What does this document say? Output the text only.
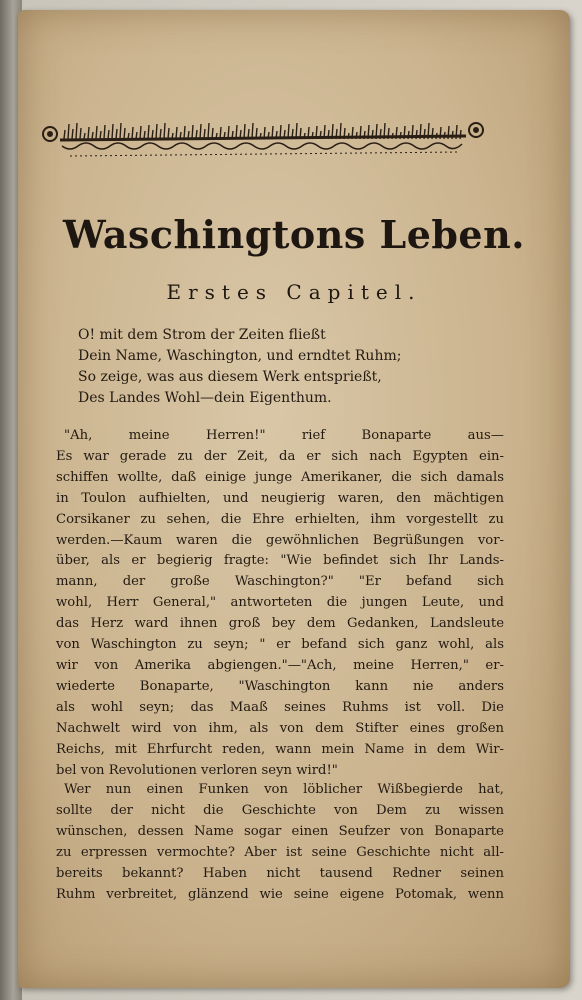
Waschingtons Leben.
Erstes Capitel.
O! mit dem Strom der Zeiten fließt
Dein Name, Waschington, und erndtet Ruhm;
So zeige, was aus diesem Werk entsprießt,
Des Landes Wohl—dein Eigenthum.
"Ah, meine Herren!" rief Bonaparte aus—
Es war gerade zu der Zeit, da er sich nach Egypten ein-
schiffen wollte, daß einige junge Amerikaner, die sich damals
in Toulon aufhielten, und neugierig waren, den mächtigen
Corsikaner zu sehen, die Ehre erhielten, ihm vorgestellt zu
werden.—Kaum waren die gewöhnlichen Begrüßungen vor-
über, als er begierig fragte: "Wie befindet sich Ihr Lands-
mann, der große Waschington?" "Er befand sich
wohl, Herr General," antworteten die jungen Leute, und
das Herz ward ihnen groß bey dem Gedanken, Landsleute
von Waschington zu seyn; " er befand sich ganz wohl, als
wir von Amerika abgiengen."—"Ach, meine Herren," er-
wiederte Bonaparte, "Waschington kann nie anders
als wohl seyn; das Maaß seines Ruhms ist voll. Die
Nachwelt wird von ihm, als von dem Stifter eines großen
Reichs, mit Ehrfurcht reden, wann mein Name in dem Wir-
bel von Revolutionen verloren seyn wird!"
Wer nun einen Funken von löblicher Wißbegierde hat,
sollte der nicht die Geschichte von Dem zu wissen
wünschen, dessen Name sogar einen Seufzer von Bonaparte
zu erpressen vermochte? Aber ist seine Geschichte nicht all-
bereits bekannt? Haben nicht tausend Redner seinen
Ruhm verbreitet, glänzend wie seine eigene Potomak, wenn
